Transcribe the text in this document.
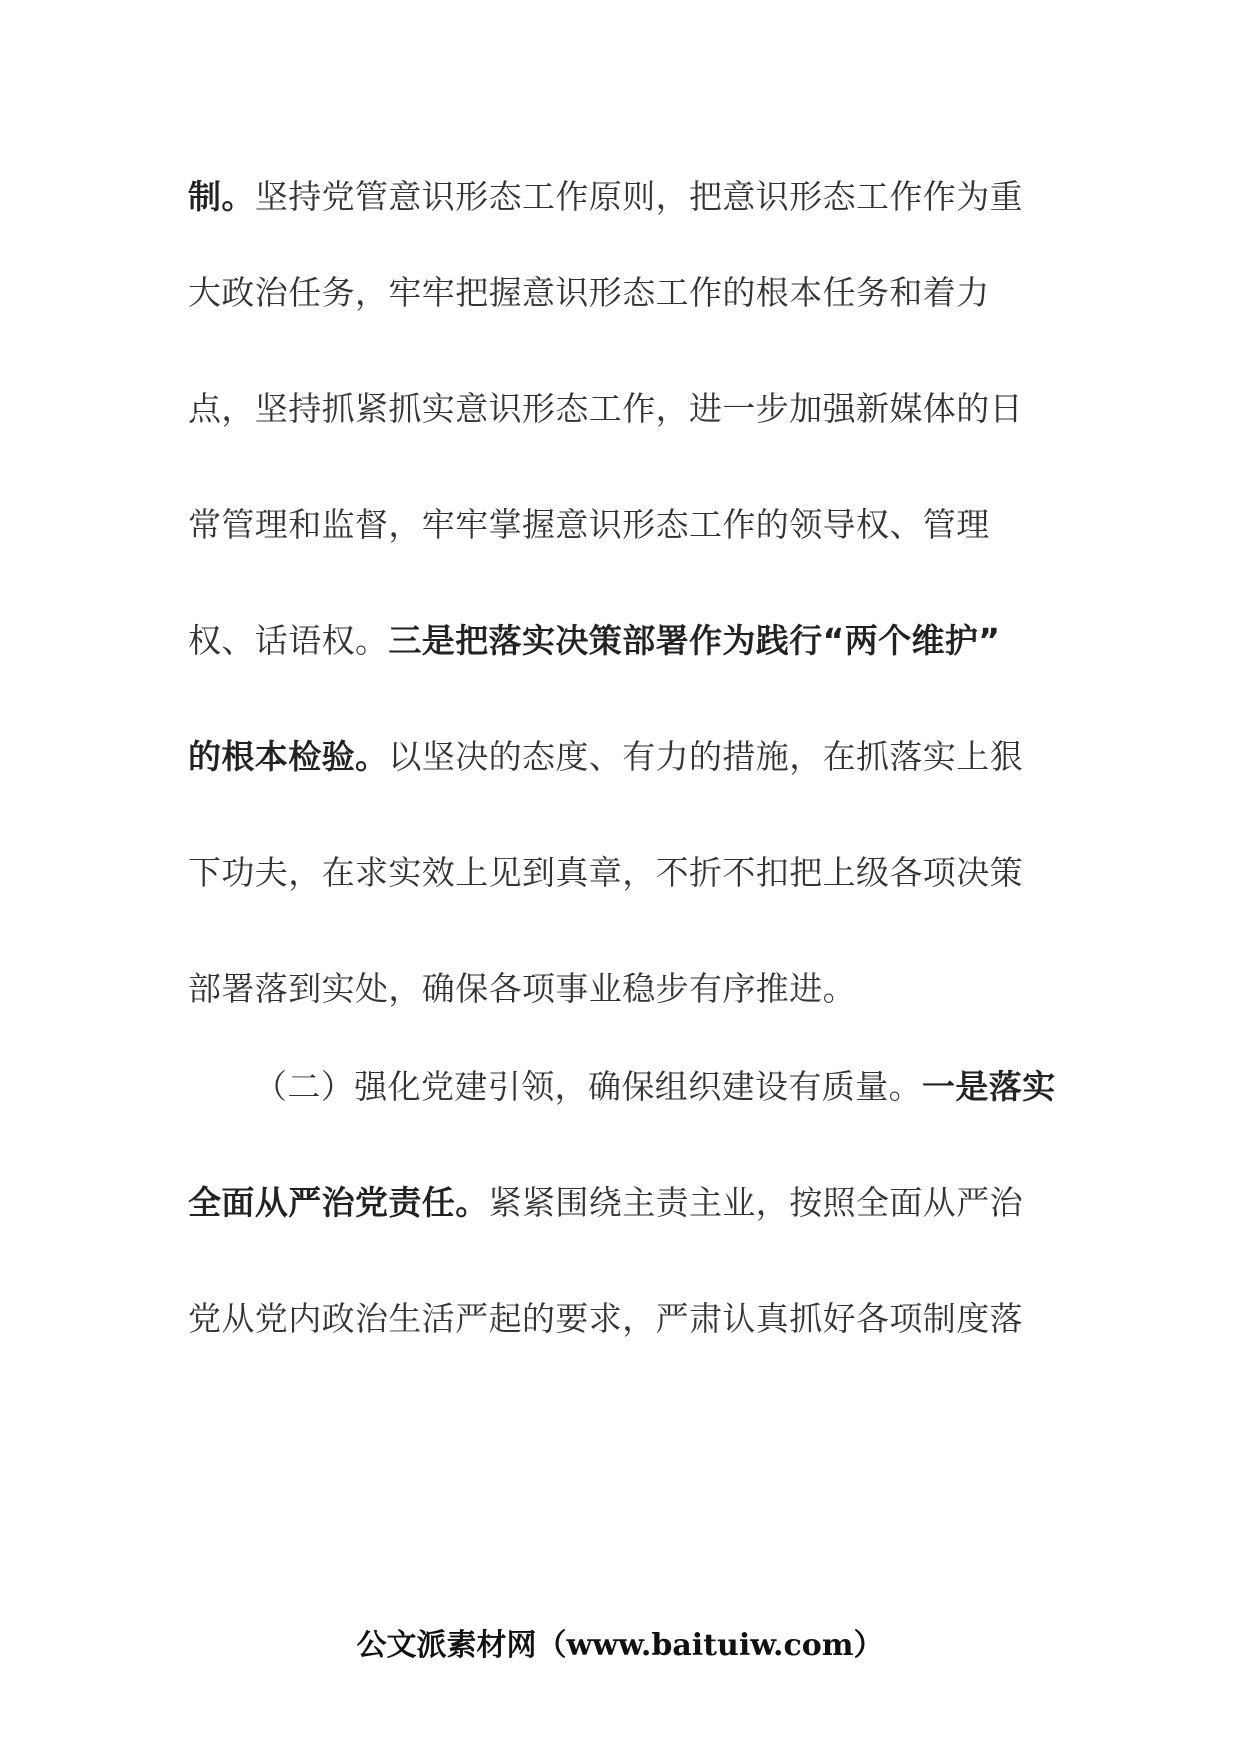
制。坚持党管意识形态工作原则，把意识形态工作作为重
大政治任务，牢牢把握意识形态工作的根本任务和着力
点，坚持抓紧抓实意识形态工作，进一步加强新媒体的日
常管理和监督，牢牢掌握意识形态工作的领导权、管理
权、话语权。三是把落实决策部署作为践行“两个维护”
的根本检验。以坚决的态度、有力的措施，在抓落实上狠
下功夫，在求实效上见到真章，不折不扣把上级各项决策
部署落到实处，确保各项事业稳步有序推进。
（二）强化党建引领，确保组织建设有质量。一是落实
全面从严治党责任。紧紧围绕主责主业，按照全面从严治
党从党内政治生活严起的要求，严肃认真抓好各项制度落
公文派素材网（www.baituiw.com）
